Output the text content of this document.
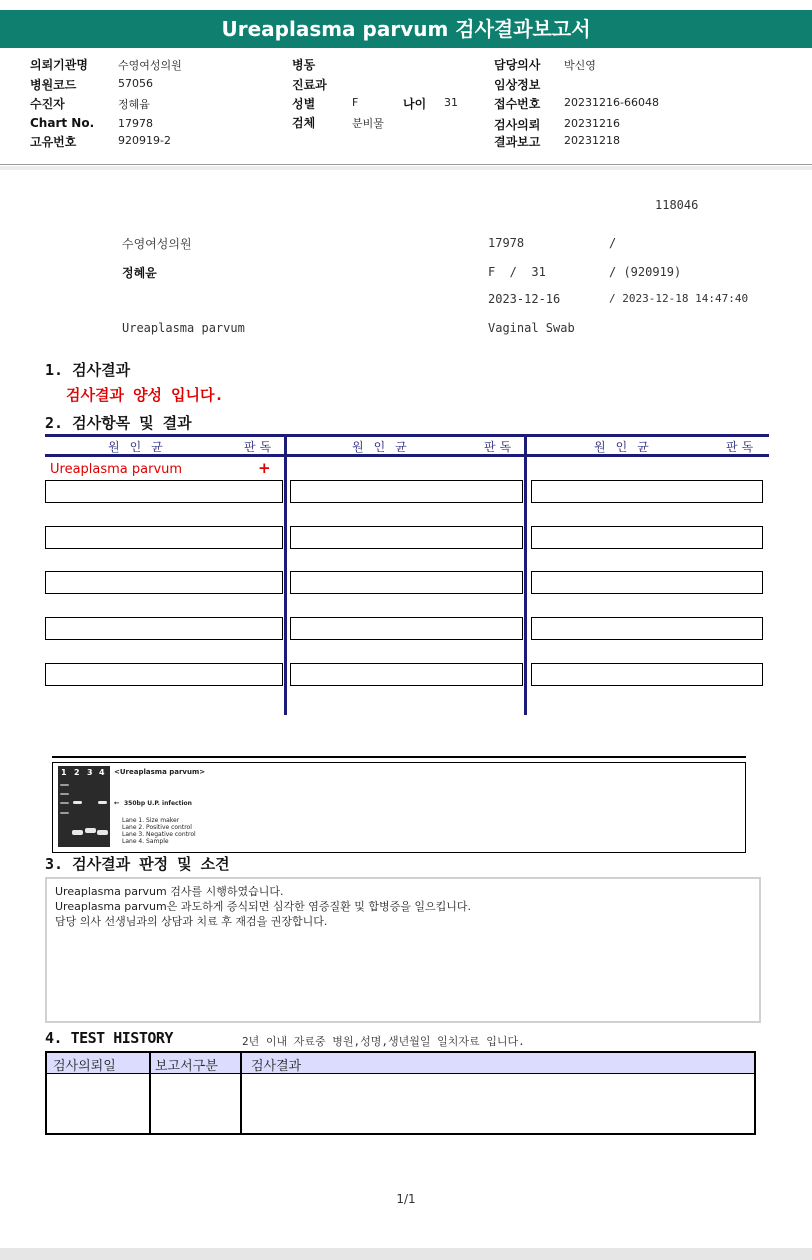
Ureaplasma parvum 검사결과보고서
의뢰기관명	수영여성의원
병원코드	57056
수진자	정혜윰
Chart No. 17978
고유번호	920919-2
병동
진료과
성별	F	나이 31
검체	분비물
담당의사 박신영
임상정보
접수번호 20231216-66048
검사의뢰 20231216
결과보고 20231218
118046
수영여성의원	17978	/
정혜윤	F  /  31	/ (920919)
2023-12-16	/ 2023-12-18 14:47:40
Ureaplasma parvum	Vaginal Swab
1. 검사결과
검사결과 양성 입니다.
2. 검사항목 및 결과
원인균	판독	원인균	판독	원인균	판독
Ureaplasma parvum	+
1 2 3 4 <Ureaplasma parvum>
← 350bp U.P. infection
Lane 1. Size maker
Lane 2. Positive control
Lane 3. Negative control
Lane 4. Sample
3. 검사결과 판정 및 소견
Ureaplasma parvum 검사를 시행하였습니다.
Ureaplasma parvum은 과도하게 증식되면 심각한 염증질환 및 합병증을 일으킵니다.
담당 의사 선생님과의 상담과 치료 후 재검을 권장합니다.
4. TEST HISTORY	2년 이내 자료중 병원,성명,생년월일 일치자료 입니다.
검사의뢰일	보고서구분	검사결과
1/1
